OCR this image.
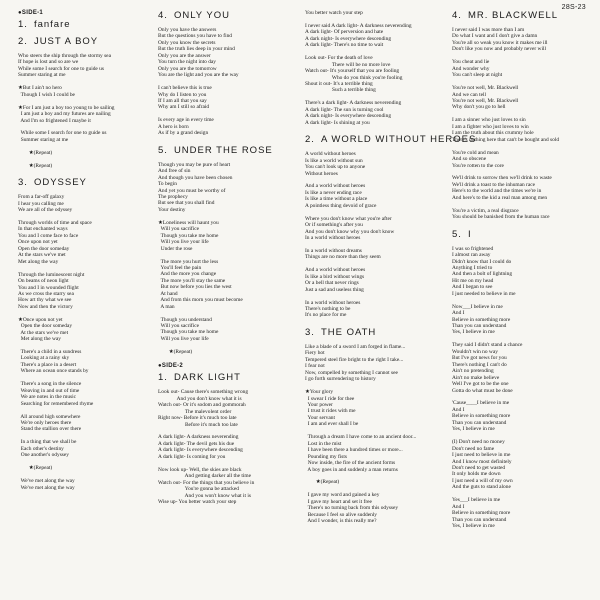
28S-23
●SIDE-1
1. fanfare
2. JUST A BOY
Who steers the ship through the stormy sea
If hope is lost and so are we
While some I search for one to guide us
Summer staring at me

★But I ain't no hero
Though I wish I could be

★For I am just a boy too young to be sailing
I am just a boy and my futures are nailing
And I'm so frightened I maybe it

While some I search for one to guide us
Summer staring at me

★(Repeat)

★(Repeat)
3. ODYSSEY
From a far-off galaxy
I hear you calling me
We are all of the odyssey

Through worlds of time and space
In that enchanted ways
You and I come face to face
Once upon not yet
Open the door someday
At the stars we've met
Met along the way

Through the luminescent night
On beams of neon light
You and I in wounded flight
As we cross the starry sea
How art thy what we see
Now and then the victory

★Once upon not yet
Open the door someday
At the stars we've met
Met along the way

There's a child in a sundress
Looking at a rainy sky
There's a place in a desert
Where an ocean once stands by

There's a song in the silence
Weaving in and out of time
We are notes in the music
Searching for remembered rhyme

All around high somewhere
We're only heroes there
Stand the stallion over there

In a thing that we shall be
Each other's destiny
One another's odyssey

★(Repeat)

We've met along the way
We've met along the way
4. ONLY YOU
Only you have the answers
But the questions you have to find
Only you know the secrets
But the truth lies deep in your mind
Only you are the answer
You turn the night into day
Only you are the tomorrow
You are the light and you are the way

I can't believe this is true
Why do I listen to you
If I am all that you say
Why am I still so afraid

Is every age in every time
A hero is born
As if by a grand design
5. UNDER THE ROSE
Though you may be pure of heart
And free of sin
And though you have been chosen
To begin
And yet you must be worthy of
The prophecy
But see that you shall find
Your destiny

★Loneliness will haunt you
Will you sacrifice
Though you take me home
Will you live your life
Under the rose

The more you hurt the less
You'll feel the pain
And the more you change
The more you'll stay the same
But now before you lies the west
At hand
And from this morn you must become
A man

Though you understand
Will you sacrifice
Though you take me home
Will you live your life

★(Repeat)
●SIDE-2
1. DARK LIGHT
Look out- Cause there's something wrong
And you don't know what it is
Watch out- Or it's sodom and gommorah
The malevolent order
Right now- Before it's much too late
Before it's much too late

A dark light- A darkness neverending
A dark light- The devil gets his due
A dark light- Is everywhere descending
A dark light- Is coming for you

Now look up- Well, the skies are black
And getting darker all the time
Watch out- For the things that you believe in
You're gonna be attacked
And you won't know what it is
Wise up- You better watch your step
You better watch your step

I never said A dark light- A darkness neverending
A dark light- Of perversion and hate
A dark night- Is everywhere descending
A dark light- There's no time to wait

Look out- For the death of love
There will be no more love
Watch out- It's yourself that you are fooling
Who do you think you're fooling
Shout it out- It's a terrible thing
Such a terrible thing

There's a dark light- A darkness neverending
A dark light- The sun is turning cool
A dark night- Is everywhere descending
A dark light- Is shining at you
2. A WORLD WITHOUT HEROES
A world without heroes
Is like a world without sun
You can't look up to anyone
Without heroes

And a world without heroes
Is like a never ending race
Is like a time without a place
A pointless thing devoid of grace

Where you don't know what you're after
Or if something's after you
And you don't know why you don't know
In a world without heroes

In a world without dreams
Things are no more than they seem

And a world without heroes
Is like a bird without wings
Or a bell that never rings
Just a sad and useless thing

In a world without heroes
There's nothing to be
It's no place for me
3. THE OATH
Like a blade of a sword I am forged in flame...
Fiery hot
Tempered steel fire bright to the right I take...
I fear not
Now, compelled by something I cannot see
I go forth surrendering to history

★Your glory
I swear I ride for thee
Your power
I trust it rides with me
Your servant
I am and ever shall I be

Through a dream I have come to an ancient door...
Lost in the mist
I have been there a hundred times or more...
Pounding my fists
Now inside, the fire of the ancient forms
A boy goes in and suddenly a man returns

★(Repeat)

I gave my word and gained a key
I gave my heart and set it free
There's no turning back from this odyssey
Because I feel so alive suddenly
And I wonder, is this really me?
4. MR. BLACKWELL
I never said I was more than I am
Do what I want and I don't give a damn
You're all so weak you know it makes me ill
Don't like you now and probably never will

You cheat and lie
And wonder why
You can't sleep at night

You're not well, Mr. Blackwell
And we can tell
You're not well, Mr. Blackwell
Why don't you go to hell

I am a sinner who just loves to sin
I am a fighter who just loves to win
I am the truth about this crummy hole
There's nothing here that can't be bought and sold

You're cold and mean
And so obscene
You're rotten to the core

We'll drink to sorrow then we'll drink to waste
We'll drink a toast to the inhuman race
Here's to the world and the times we're in
And here's to the kid a real man among men

You're a victim, a real disgrace
You should be banished from the human race
5. I
I was so frightened
I almost ran away
Didn't know that I could do
Anything I tried to
And then a bolt of lightning
Hit me on my head
And I began to see
I just needed to believe in me

Now___I believe in me
And I
Believe in something more
Than you can understand
Yes, I believe in me

They said I didn't stand a chance
Wouldn't win no way
But I've got news for you
There's nothing I can't do
Ain't no pretending
Ain't no make believe
Well I've got to be the one
Gotta do what must be done

'Cause____I believe in me
And I
Believe in something more
Than you can understand
Yes, I believe in me

(I) Don't need no money
Don't need no fame
I just need to believe in me
And I know most definitely
Don't need to get wasted
It only holds me down
I just need a will of my own
And the guts to stand alone

Yes___I believe in me
And I
Believe in something more
Than you can understand
Yes, I believe in me
